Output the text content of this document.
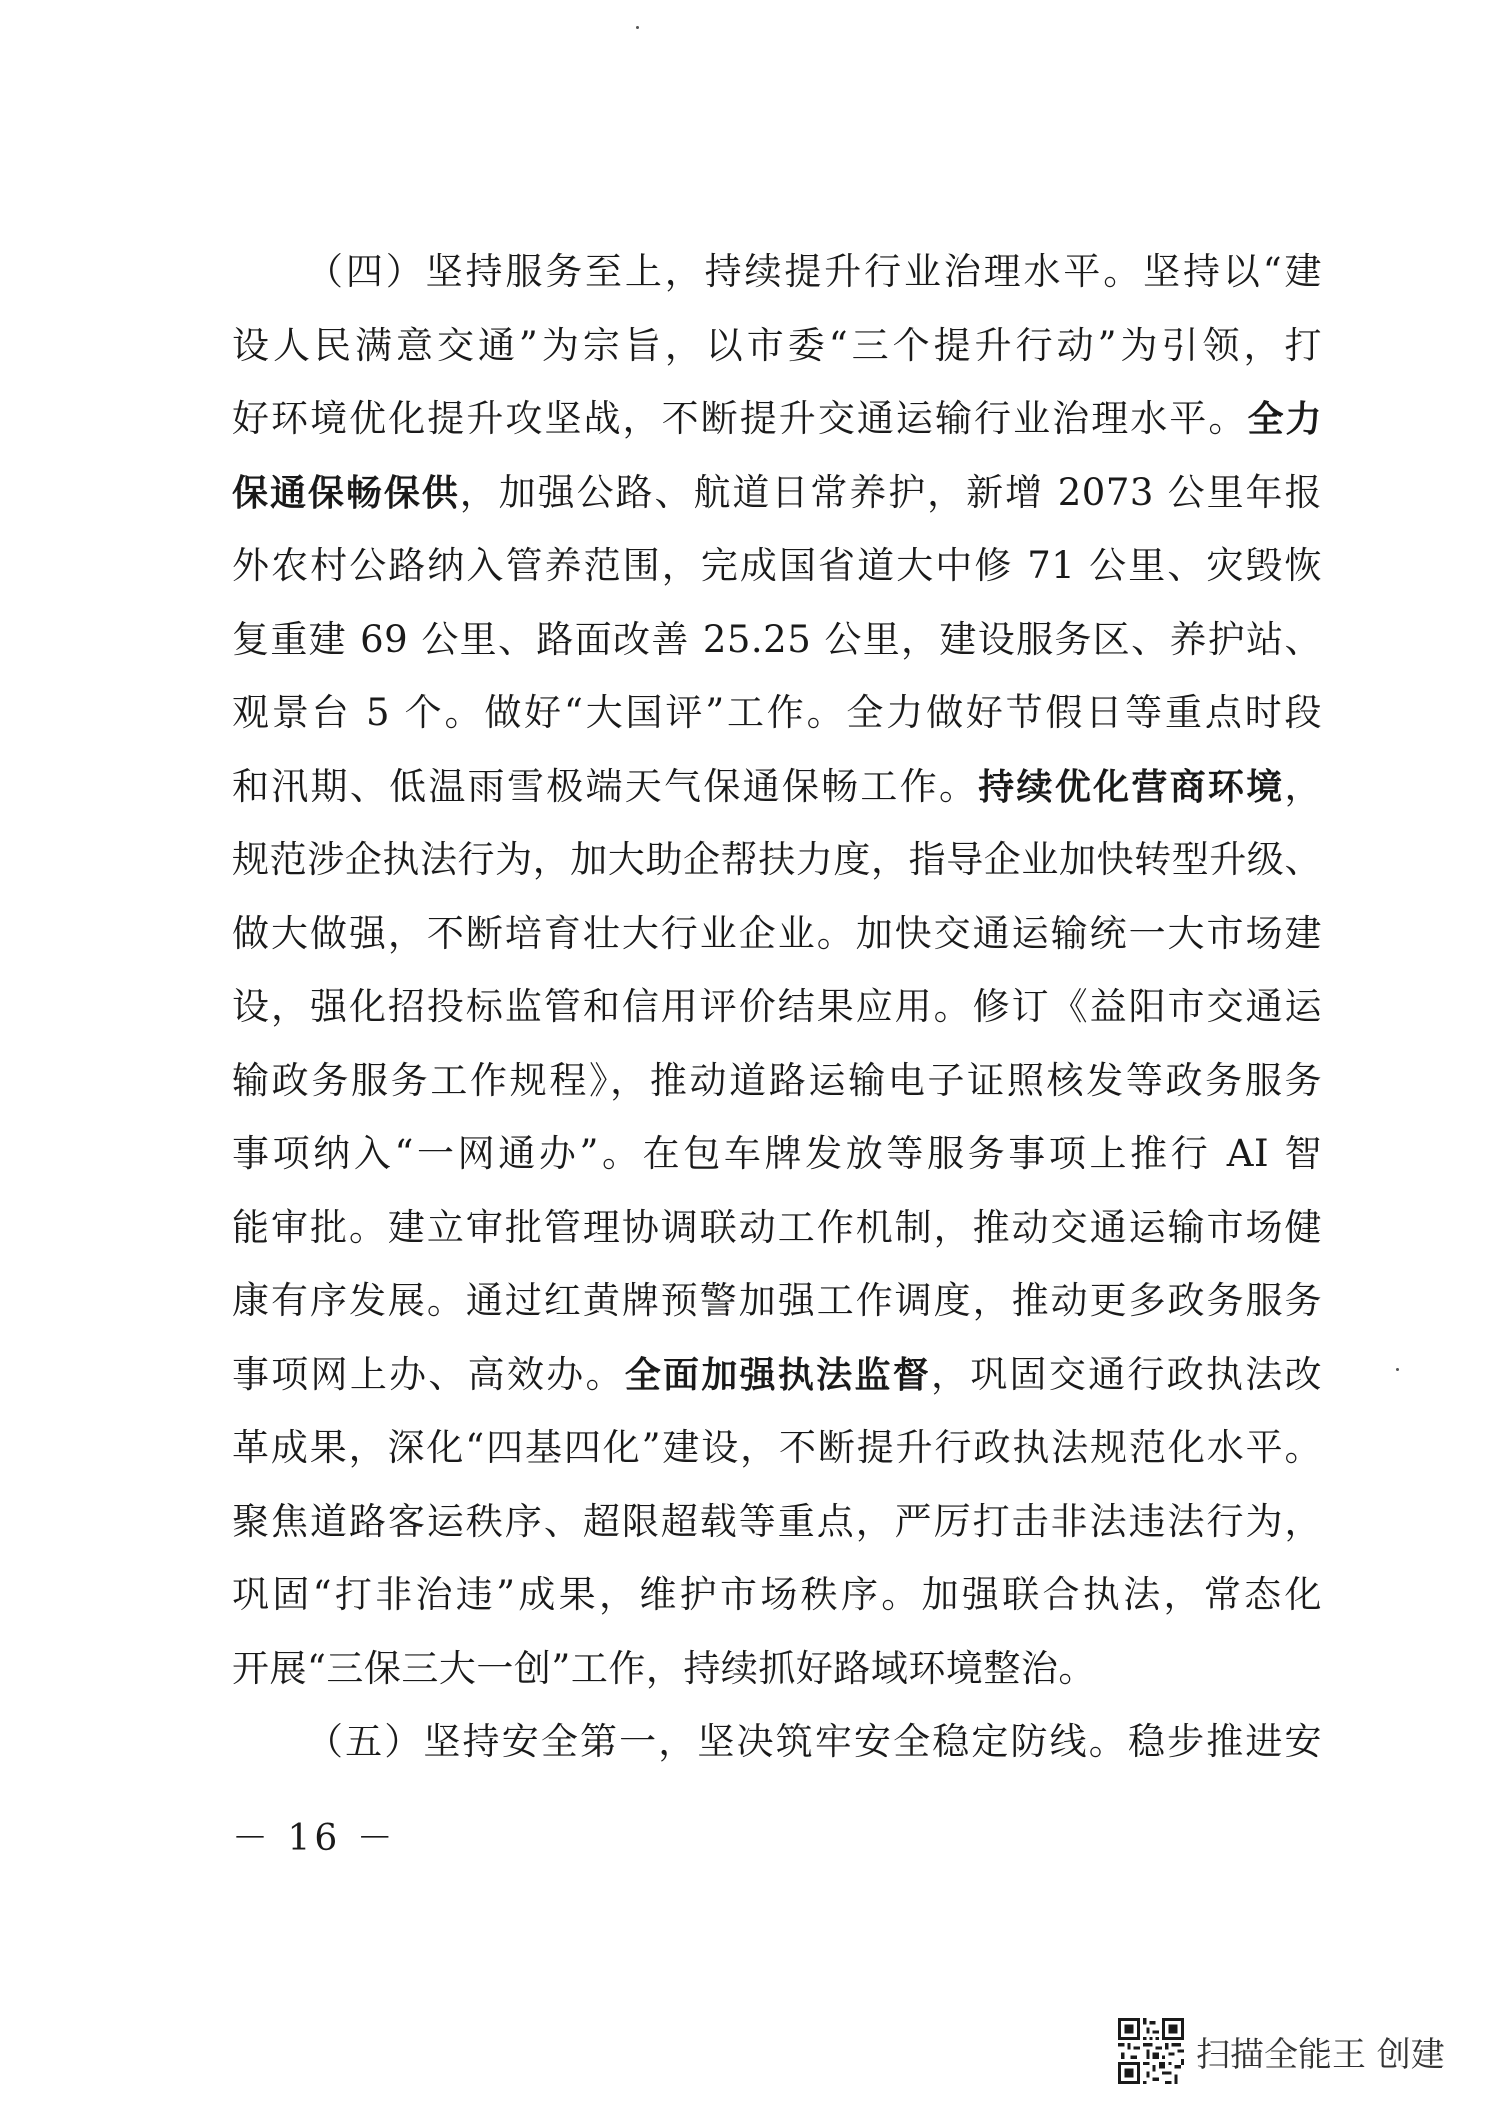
（四）坚持服务至上，持续提升行业治理水平。坚持以“建
设人民满意交通”为宗旨，以市委“三个提升行动”为引领，打
好环境优化提升攻坚战，不断提升交通运输行业治理水平。全力
保通保畅保供，加强公路、航道日常养护，新增 2073 公里年报
外农村公路纳入管养范围，完成国省道大中修 71 公里、灾毁恢
复重建 69 公里、路面改善 25.25 公里，建设服务区、养护站、
观景台 5 个。做好“大国评”工作。全力做好节假日等重点时段
和汛期、低温雨雪极端天气保通保畅工作。持续优化营商环境，
规范涉企执法行为，加大助企帮扶力度，指导企业加快转型升级、
做大做强，不断培育壮大行业企业。加快交通运输统一大市场建
设，强化招投标监管和信用评价结果应用。修订《益阳市交通运
输政务服务工作规程》，推动道路运输电子证照核发等政务服务
事项纳入“一网通办”。在包车牌发放等服务事项上推行 AI 智
能审批。建立审批管理协调联动工作机制，推动交通运输市场健
康有序发展。通过红黄牌预警加强工作调度，推动更多政务服务
事项网上办、高效办。全面加强执法监督，巩固交通行政执法改
革成果，深化“四基四化”建设，不断提升行政执法规范化水平。
聚焦道路客运秩序、超限超载等重点，严厉打击非法违法行为，
巩固“打非治违”成果，维护市场秩序。加强联合执法，常态化
开展“三保三大一创”工作，持续抓好路域环境整治。
（五）坚持安全第一，坚决筑牢安全稳定防线。稳步推进安
－ 16 －
扫描全能王 创建
